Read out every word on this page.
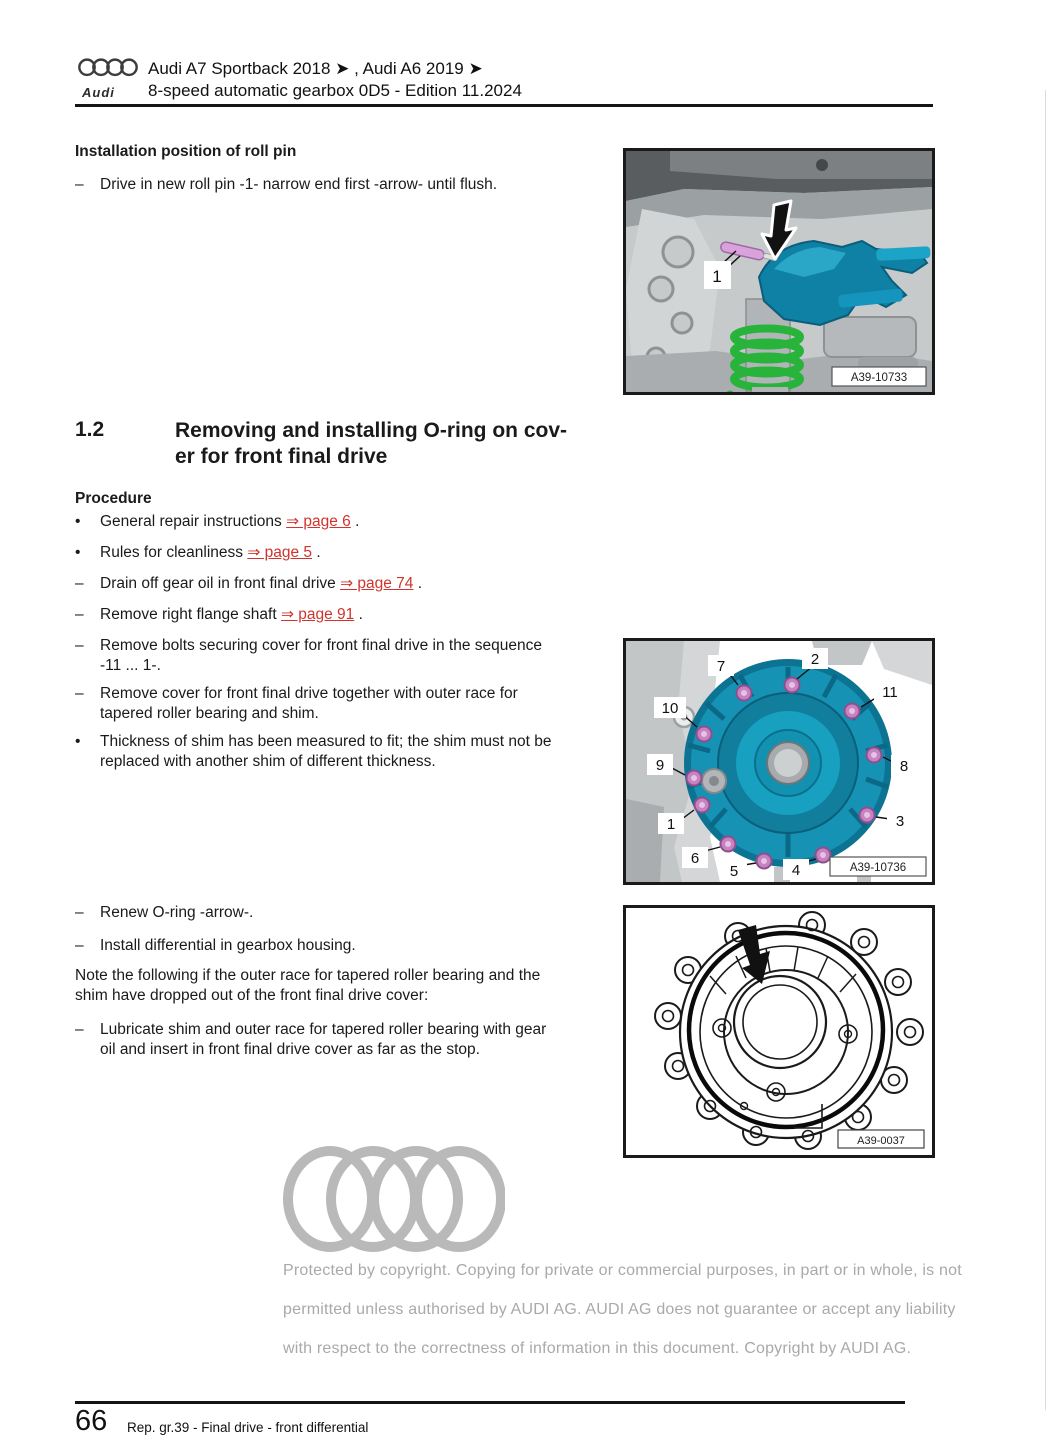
Audi
Audi A7 Sportback 2018 ➤ , Audi A6 2019 ➤
8-speed automatic gearbox 0D5 - Edition 11.2024
Installation position of roll pin
– Drive in new roll pin -1- narrow end first -arrow- until flush.
1
A39-10733
1.2	Removing and installing O-ring on cov-
er for front final drive
Procedure
• General repair instructions ⇒ page 6 .
• Rules for cleanliness ⇒ page 5 .
– Drain off gear oil in front final drive ⇒ page 74 .
– Remove right flange shaft ⇒ page 91 .
– Remove bolts securing cover for front final drive in the sequence -11 ... 1-.
– Remove cover for front final drive together with outer race for tapered roller bearing and shim.
• Thickness of shim has been measured to fit; the shim must not be replaced with another shim of different thickness.
1
2
3
4
5
6
7
8
9
10
11
A39-10736
– Renew O-ring -arrow-.
– Install differential in gearbox housing.
Note the following if the outer race for tapered roller bearing and the shim have dropped out of the front final drive cover:
– Lubricate shim and outer race for tapered roller bearing with gear oil and insert in front final drive cover as far as the stop.
A39-0037
Protected by copyright. Copying for private or commercial purposes, in part or in whole, is not
permitted unless authorised by AUDI AG. AUDI AG does not guarantee or accept any liability
with respect to the correctness of information in this document. Copyright by AUDI AG.
66 Rep. gr.39 - Final drive - front differential
